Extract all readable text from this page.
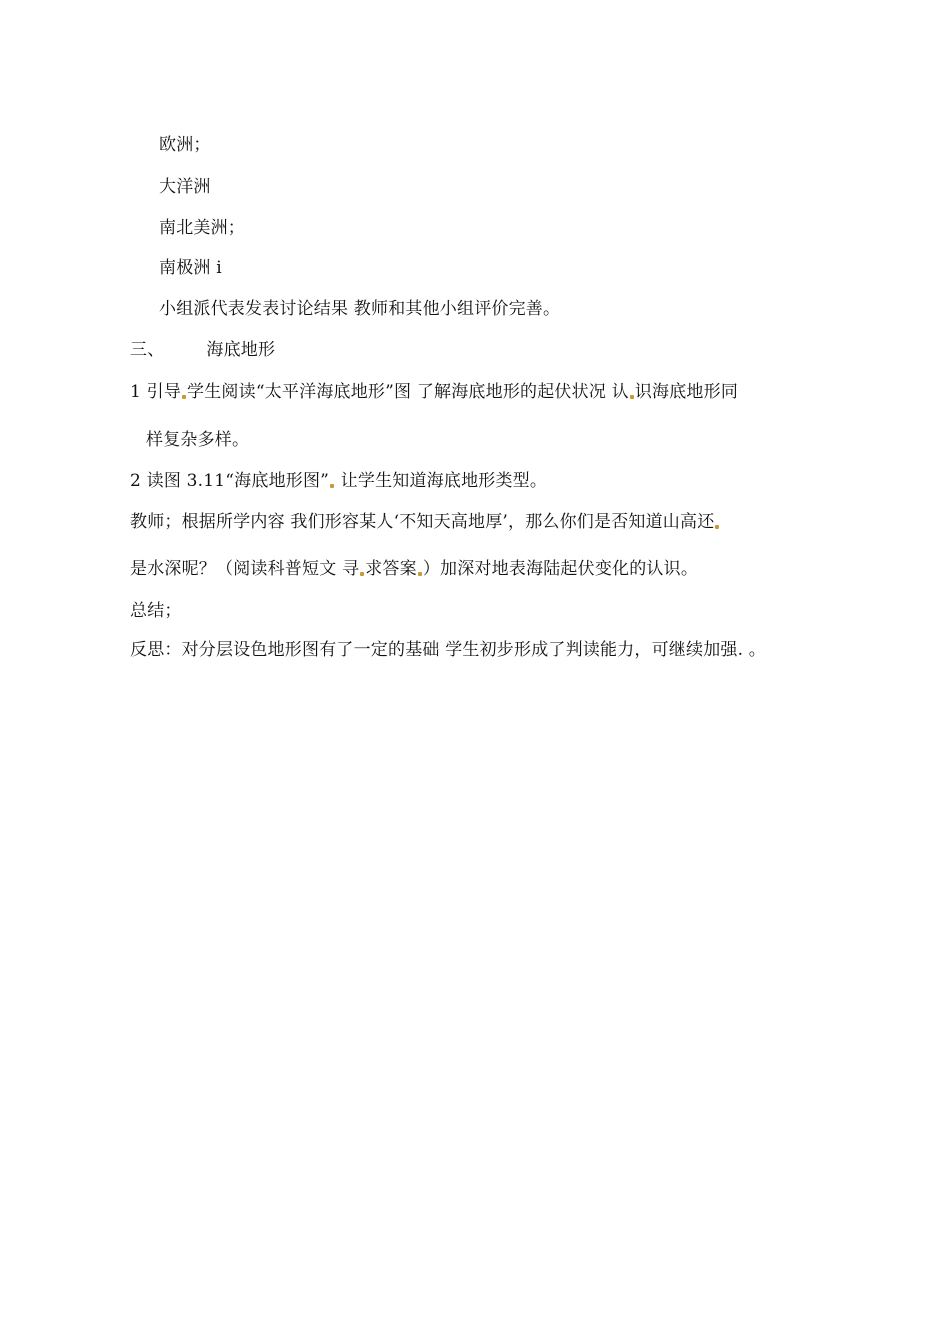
欧洲；
大洋洲
南北美洲；
南极洲 i
小组派代表发表讨论结果 教师和其他小组评价完善。
三、 海底地形
1 引导 学生阅读“太平洋海底地形”图 了解海底地形的起伏状况 认 识海底地形同
样复杂多样。
2 读图 3.11“海底地形图” 让学生知道海底地形类型。
教师；根据所学内容 我们形容某人‘不知天高地厚’，那么你们是否知道山高还
是水深呢？（阅读科普短文 寻 求答案 ）加深对地表海陆起伏变化的认识。
总结；
反思：对分层设色地形图有了一定的基础 学生初步形成了判读能力，可继续加强. 。
